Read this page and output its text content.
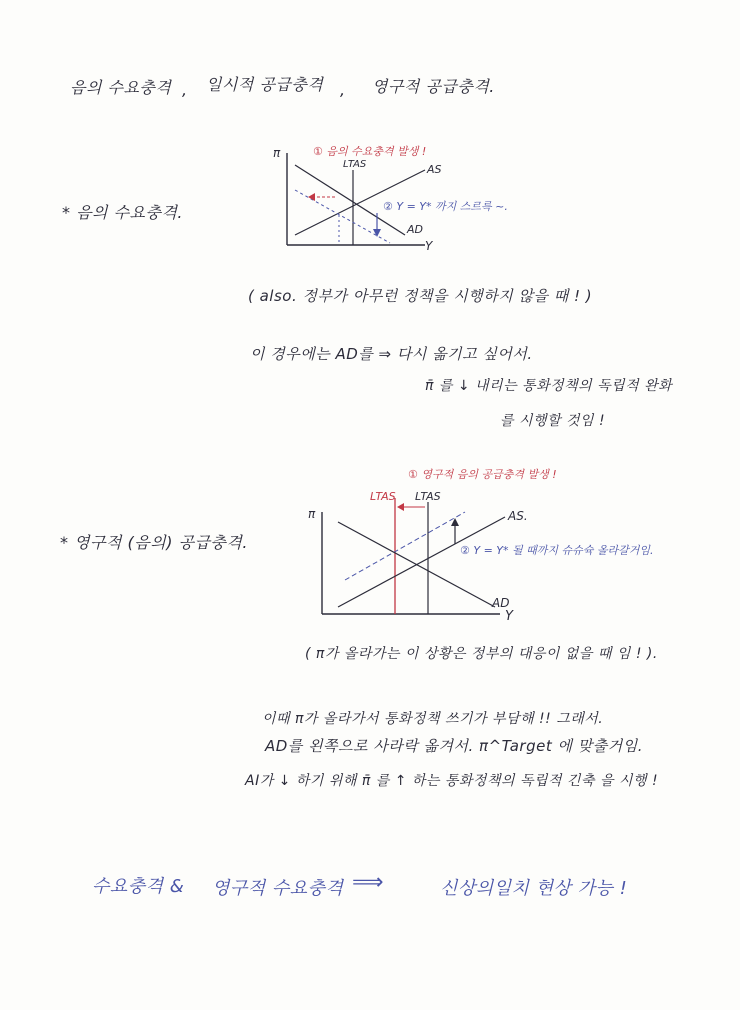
음의 수요충격 , 일시적 공급충격 , 영구적 공급충격.
* 음의 수요충격.
π
LTAS	AS
AD
Y
① 음의 수요충격 발생 !
② Y = Y* 까지 스르륵 ~.
( also. 정부가 아무런 정책을 시행하지 않을 때 ! )
이 경우에는 AD를 ⇒ 다시 옮기고 싶어서.
π̄ 를 ↓ 내리는 통화정책의 독립적 완화
를 시행할 것임 !
* 영구적 (음의) 공급충격.
π
LTAS LTAS
AS.
AD
Y
① 영구적 음의 공급충격 발생 !
② Y = Y* 될 때까지 슈슈슉 올라갈거임.
( π가 올라가는 이 상황은 정부의 대응이 없을 때 임 ! ).
이때 π가 올라가서 통화정책 쓰기가 부담해 !! 그래서.
AD를 왼쪽으로 사라락 옮겨서. π^Target 에 맞출거임.
AI가 ↓ 하기 위해 π̄ 를 ↑ 하는 통화정책의 독립적 긴축 을 시행 !
수요충격 & 영구적 수요충격 ⟹	신상의일치 현상 가능 !
